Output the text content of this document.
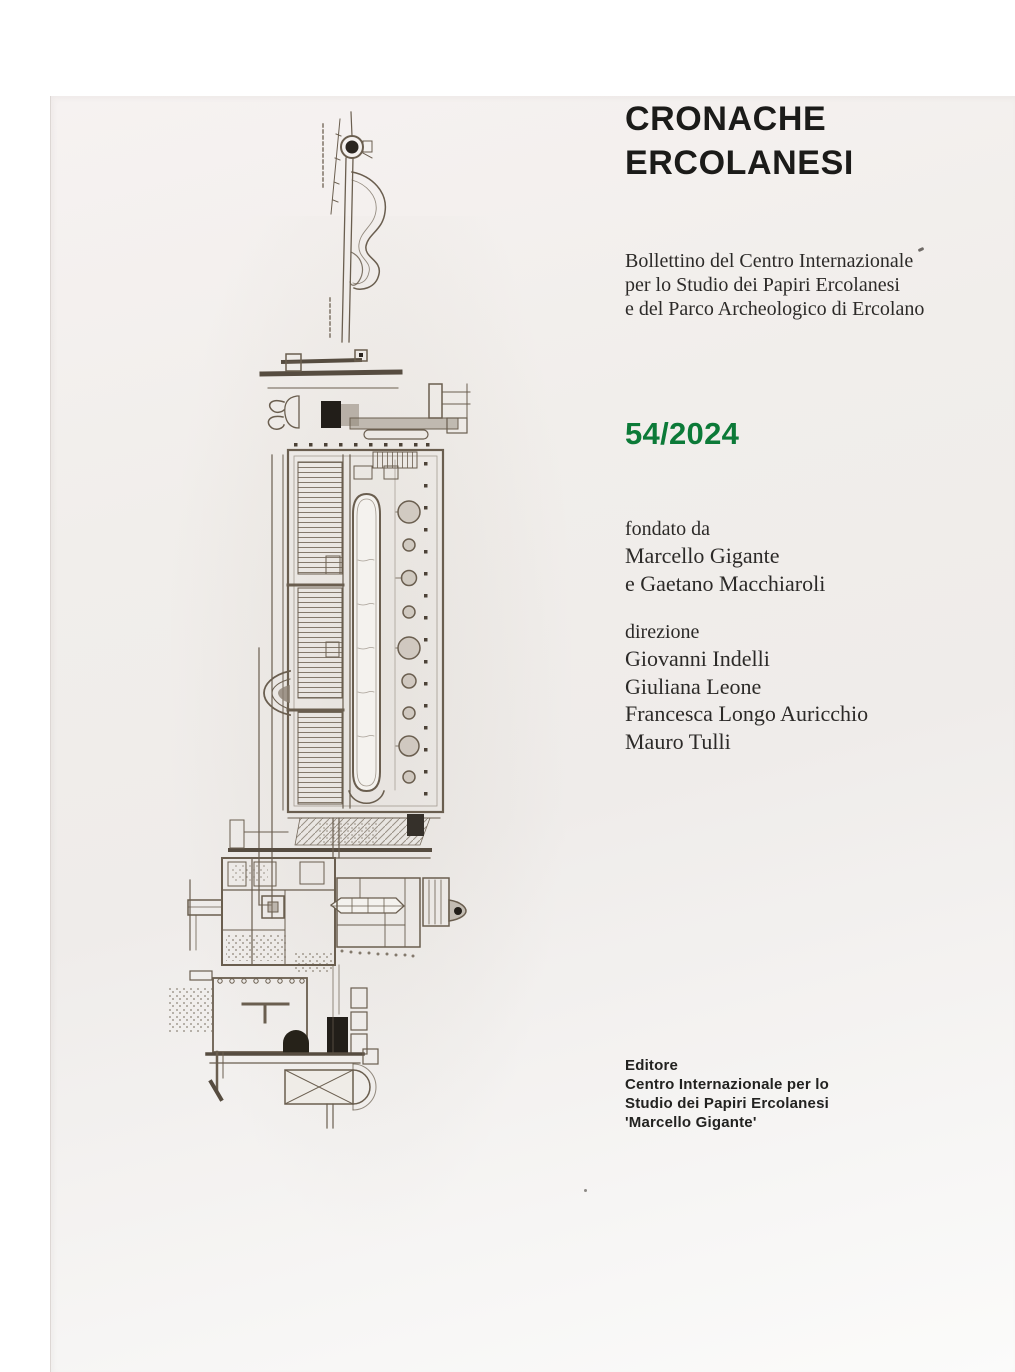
CRONACHE
ERCOLANESI
Bollettino del Centro Internazionale
per lo Studio dei Papiri Ercolanesi
e del Parco Archeologico di Ercolano
54/2024
fondato da
Marcello Gigante
e Gaetano Macchiaroli
direzione
Giovanni Indelli
Giuliana Leone
Francesca Longo Auricchio
Mauro Tulli
Editore
Centro Internazionale per lo
Studio dei Papiri Ercolanesi
'Marcello Gigante'
